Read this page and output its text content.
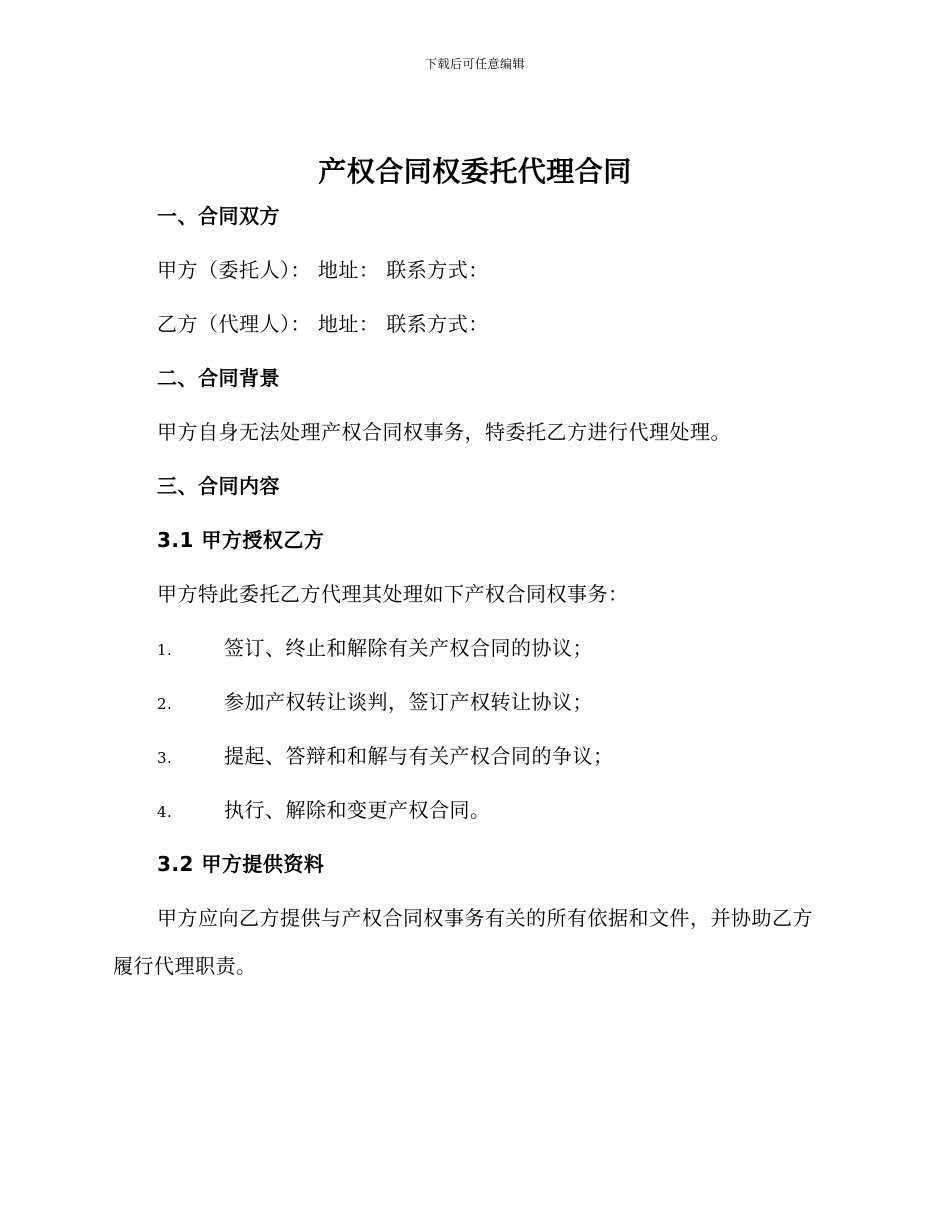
下载后可任意编辑
产权合同权委托代理合同
一、合同双方
甲方（委托人）： 地址： 联系方式：
乙方（代理人）： 地址： 联系方式：
二、合同背景
甲方自身无法处理产权合同权事务，特委托乙方进行代理处理。
三、合同内容
3.1 甲方授权乙方
甲方特此委托乙方代理其处理如下产权合同权事务：
1.	签订、终止和解除有关产权合同的协议；
2.	参加产权转让谈判，签订产权转让协议；
3.	提起、答辩和和解与有关产权合同的争议；
4.	执行、解除和变更产权合同。
3.2 甲方提供资料
甲方应向乙方提供与产权合同权事务有关的所有依据和文件，并协助乙方履行代理职责。
